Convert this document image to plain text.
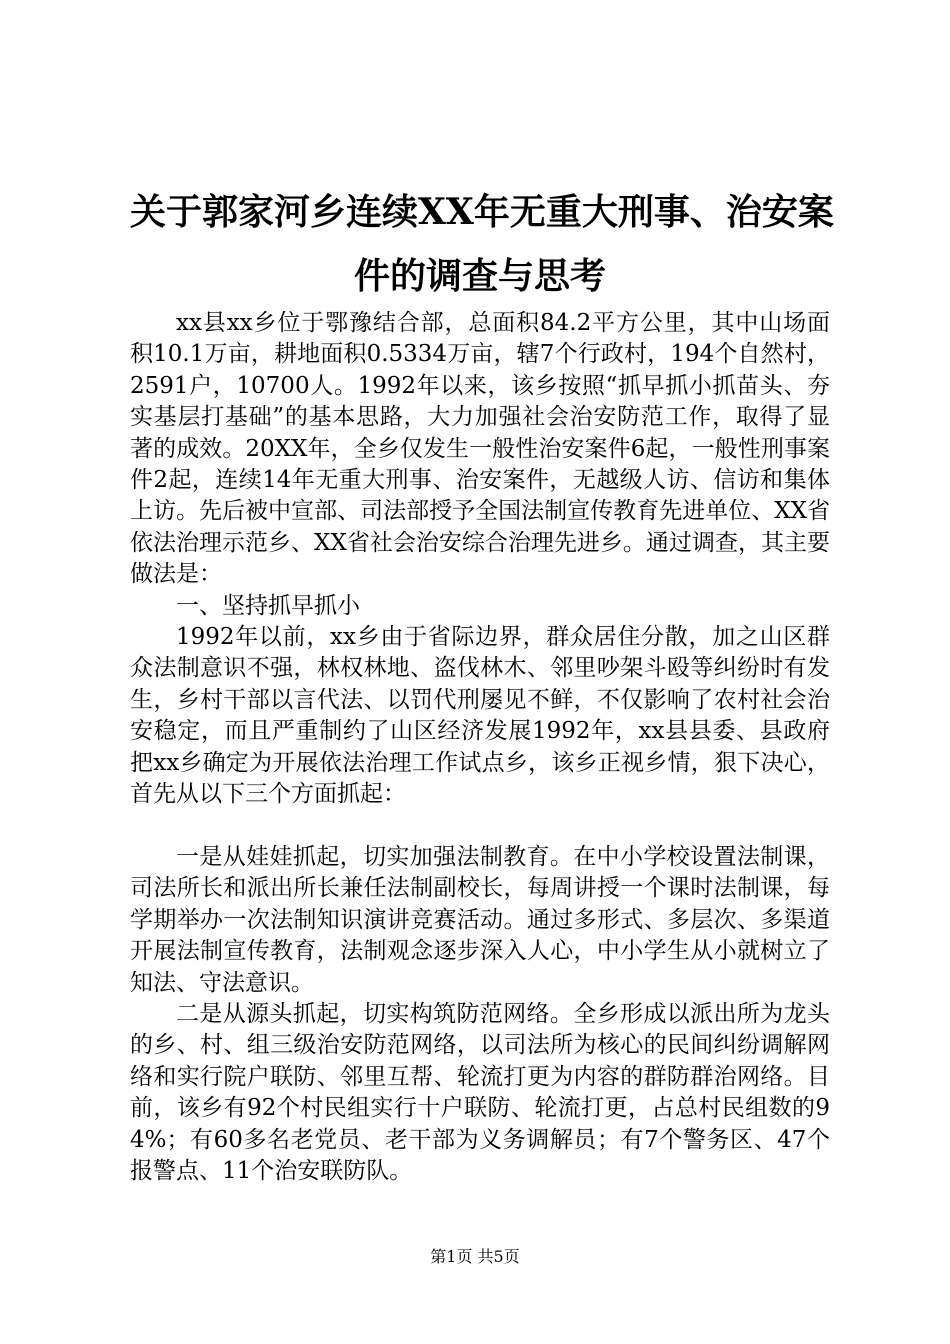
关于郭家河乡连续XX年无重大刑事、治安案
件的调查与思考

xx县xx乡位于鄂豫结合部，总面积84.2平方公里，其中山场面积10.1万亩，耕地面积0.5334万亩，辖7个行政村，194个自然村，2591户，10700人。1992年以来，该乡按照“抓早抓小抓苗头、夯实基层打基础”的基本思路，大力加强社会治安防范工作，取得了显著的成效。20XX年，全乡仅发生一般性治安案件6起，一般性刑事案件2起，连续14年无重大刑事、治安案件，无越级人访、信访和集体上访。先后被中宣部、司法部授予全国法制宣传教育先进单位、XX省依法治理示范乡、XX省社会治安综合治理先进乡。通过调查，其主要做法是：

一、坚持抓早抓小

1992年以前，xx乡由于省际边界，群众居住分散，加之山区群众法制意识不强，林权林地、盗伐林木、邻里吵架斗殴等纠纷时有发生，乡村干部以言代法、以罚代刑屡见不鲜，不仅影响了农村社会治安稳定，而且严重制约了山区经济发展1992年，xx县县委、县政府把xx乡确定为开展依法治理工作试点乡，该乡正视乡情，狠下决心，首先从以下三个方面抓起：

一是从娃娃抓起，切实加强法制教育。在中小学校设置法制课，司法所长和派出所长兼任法制副校长，每周讲授一个课时法制课，每学期举办一次法制知识演讲竞赛活动。通过多形式、多层次、多渠道开展法制宣传教育，法制观念逐步深入人心，中小学生从小就树立了知法、守法意识。

二是从源头抓起，切实构筑防范网络。全乡形成以派出所为龙头的乡、村、组三级治安防范网络，以司法所为核心的民间纠纷调解网络和实行院户联防、邻里互帮、轮流打更为内容的群防群治网络。目前，该乡有92个村民组实行十户联防、轮流打更，占总村民组数的94%；有60多名老党员、老干部为义务调解员；有7个警务区、47个报警点、11个治安联防队。

第1页 共5页
